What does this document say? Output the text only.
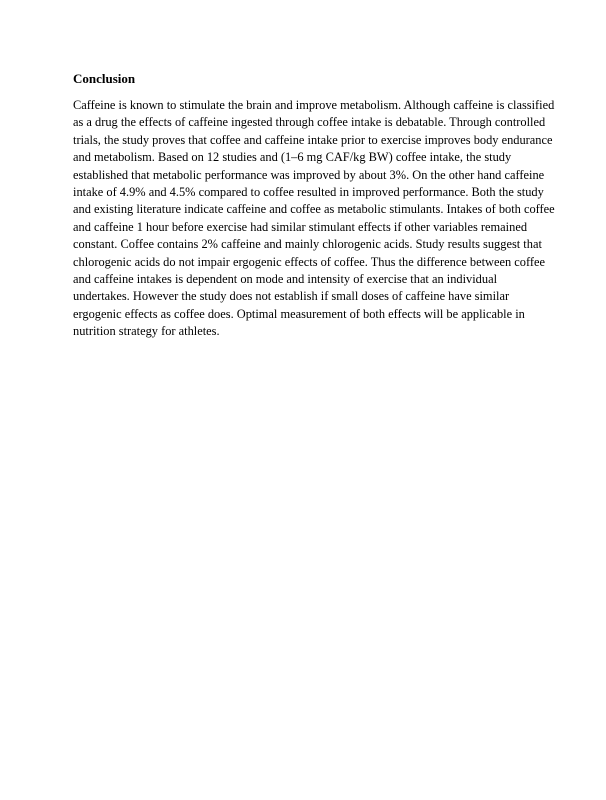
Conclusion
Caffeine is known to stimulate the brain and improve metabolism. Although caffeine is classified
as a drug the effects of caffeine ingested through coffee intake is debatable. Through controlled
trials, the study proves that coffee and caffeine intake prior to exercise improves body endurance
and metabolism. Based on 12 studies and (1–6 mg CAF/kg BW) coffee intake, the study
established that metabolic performance was improved by about 3%. On the other hand caffeine
intake of 4.9% and 4.5% compared to coffee resulted in improved performance. Both the study
and existing literature indicate caffeine and coffee as metabolic stimulants. Intakes of both coffee
and caffeine 1 hour before exercise had similar stimulant effects if other variables remained
constant. Coffee contains 2% caffeine and mainly chlorogenic acids. Study results suggest that
chlorogenic acids do not impair ergogenic effects of coffee. Thus the difference between coffee
and caffeine intakes is dependent on mode and intensity of exercise that an individual
undertakes. However the study does not establish if small doses of caffeine have similar
ergogenic effects as coffee does. Optimal measurement of both effects will be applicable in
nutrition strategy for athletes.
